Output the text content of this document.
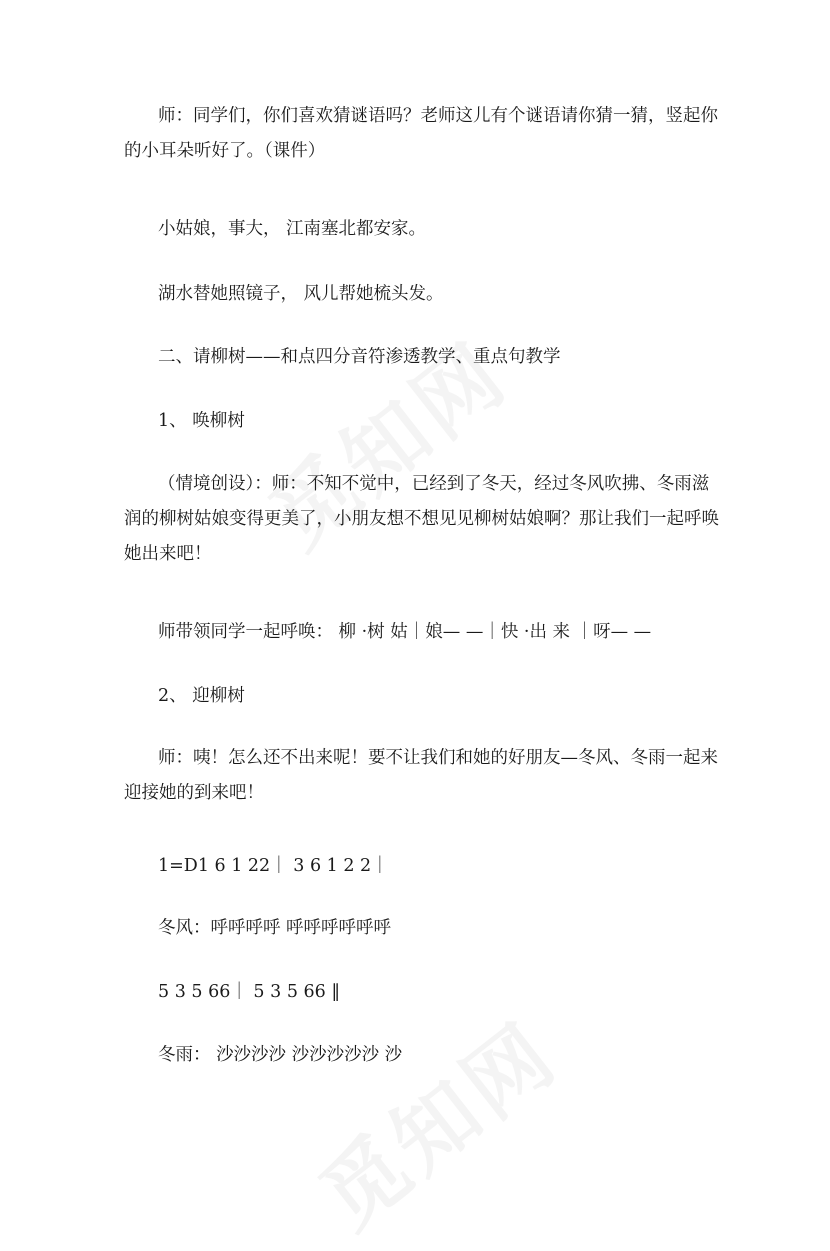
师：同学们，你们喜欢猜谜语吗？老师这儿有个谜语请你猜一猜，竖起你的小耳朵听好了。（课件）

小姑娘，事大， 江南塞北都安家。

湖水替她照镜子， 风儿帮她梳头发。

二、请柳树——和点四分音符渗透教学、重点句教学

1、 唤柳树

（情境创设）：师：不知不觉中，已经到了冬天，经过冬风吹拂、冬雨滋润的柳树姑娘变得更美了，小朋友想不想见见柳树姑娘啊？那让我们一起呼唤她出来吧！

师带领同学一起呼唤： 柳 ·树 姑｜娘— —｜快 ·出 来 ｜呀— —

2、 迎柳树

师：咦！怎么还不出来呢！要不让我们和她的好朋友—冬风、冬雨一起来迎接她的到来吧！

1=D1 6 1 22｜ 3 6 1 2 2｜

冬风：呼呼呼呼 呼呼呼呼呼呼

5 3 5 66｜ 5 3 5 66 ‖

冬雨： 沙沙沙沙 沙沙沙沙沙 沙
